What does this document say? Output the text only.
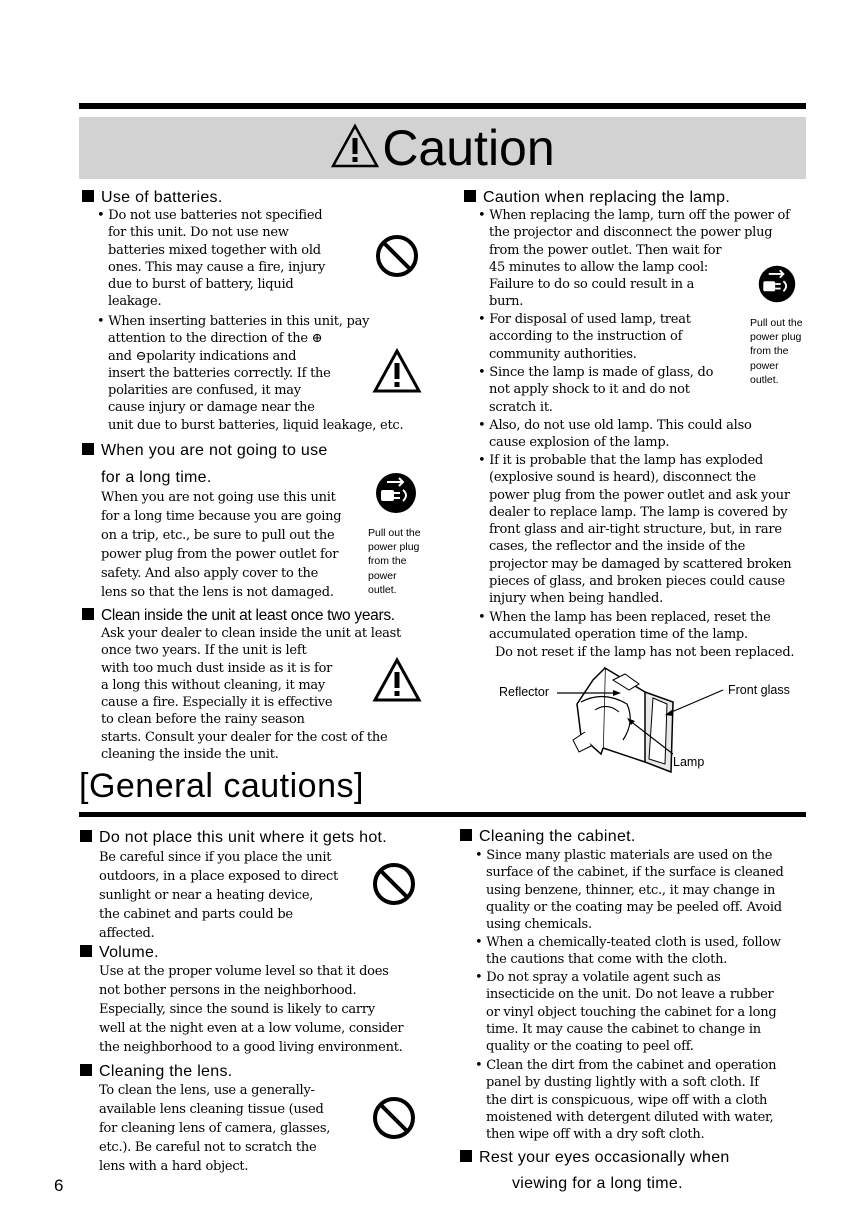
Caution
Use of batteries.
• Do not use batteries not specified
for this unit. Do not use new
batteries mixed together with old
ones. This may cause a fire, injury
due to burst of battery, liquid
leakage.
• When inserting batteries in this unit, pay
attention to the direction of the ⊕
and ⊖polarity indications and
insert the batteries correctly. If the
polarities are confused, it may
cause injury or damage near the
unit due to burst batteries, liquid leakage, etc.
When you are not going to use
for a long time.
When you are not going use this unit
for a long time because you are going
on a trip, etc., be sure to pull out the
power plug from the power outlet for
safety. And also apply cover to the
lens so that the lens is not damaged.
Pull out the
power plug
from the
power
outlet.
Clean inside the unit at least once two years.
Ask your dealer to clean inside the unit at least
once two years. If the unit is left
with too much dust inside as it is for
a long this without cleaning, it may
cause a fire. Especially it is effective
to clean before the rainy season
starts. Consult your dealer for the cost of the
cleaning the inside the unit.
Caution when replacing the lamp.
• When replacing the lamp, turn off the power of
the projector and disconnect the power plug
from the power outlet. Then wait for
45 minutes to allow the lamp cool:
Failure to do so could result in a
burn.
• For disposal of used lamp, treat
according to the instruction of
community authorities.
• Since the lamp is made of glass, do
not apply shock to it and do not
scratch it.
• Also, do not use old lamp. This could also
cause explosion of the lamp.
• If it is probable that the lamp has exploded
(explosive sound is heard), disconnect the
power plug from the power outlet and ask your
dealer to replace lamp. The lamp is covered by
front glass and air-tight structure, but, in rare
cases, the reflector and the inside of the
projector may be damaged by scattered broken
pieces of glass, and broken pieces could cause
injury when being handled.
• When the lamp has been replaced, reset the
accumulated operation time of the lamp.
Do not reset if the lamp has not been replaced.
Pull out the
power plug
from the
power
outlet.
Reflector	Front glass
Lamp
[General cautions]
Do not place this unit where it gets hot.
Be careful since if you place the unit
outdoors, in a place exposed to direct
sunlight or near a heating device,
the cabinet and parts could be
affected.
Volume.
Use at the proper volume level so that it does
not bother persons in the neighborhood.
Especially, since the sound is likely to carry
well at the night even at a low volume, consider
the neighborhood to a good living environment.
Cleaning the lens.
To clean the lens, use a generally-
available lens cleaning tissue (used
for cleaning lens of camera, glasses,
etc.). Be careful not to scratch the
lens with a hard object.
Cleaning the cabinet.
• Since many plastic materials are used on the
surface of the cabinet, if the surface is cleaned
using benzene, thinner, etc., it may change in
quality or the coating may be peeled off. Avoid
using chemicals.
• When a chemically-teated cloth is used, follow
the cautions that come with the cloth.
• Do not spray a volatile agent such as
insecticide on the unit. Do not leave a rubber
or vinyl object touching the cabinet for a long
time. It may cause the cabinet to change in
quality or the coating to peel off.
• Clean the dirt from the cabinet and operation
panel by dusting lightly with a soft cloth. If
the dirt is conspicuous, wipe off with a cloth
moistened with detergent diluted with water,
then wipe off with a dry soft cloth.
Rest your eyes occasionally when
viewing for a long time.
6
